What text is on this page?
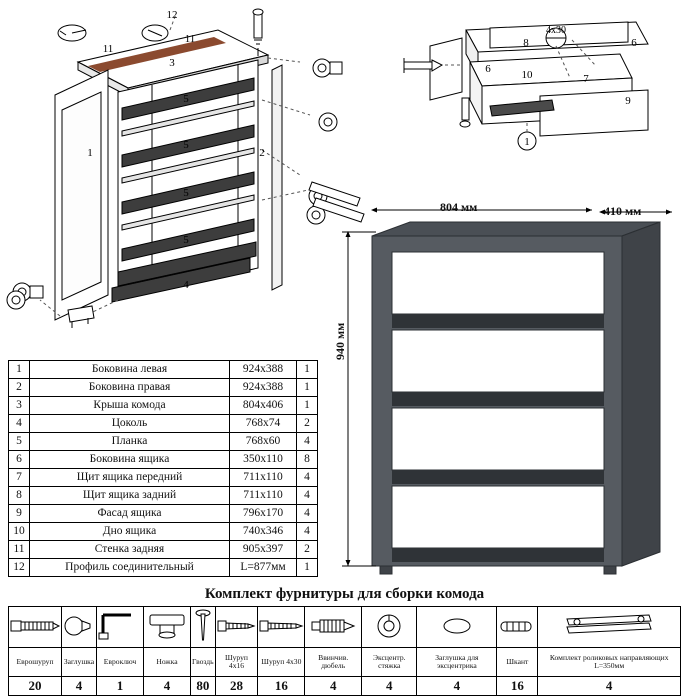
12
11
11
3
5
5
5
5
1	2
4
4х30
8	6
6	10	7
9
1
804 мм	410 мм
940 мм
1	Боковина левая	924х388	1
2	Боковина правая	924х388	1
3	Крыша комода	804х406	1
4	Цоколь	768х74	2
5	Планка	768х60	4
6	Боковина ящика	350х110	8
7	Щит ящика передний	711х110	4
8	Щит ящика задний	711х110	4
9	Фасад ящика	796х170	4
10	Дно ящика	740х346	4
11	Стенка задняя	905х397	2
12	Профиль соединительный	L=877мм	1
Комплект фурнитуры для сборки комода

Еврошуруп	Заглушка	Евроключ	Ножка	Гвоздь	Шуруп 4х16	Шуруп 4х30	Ввинчив. дюбель	Эксцентр. стяжка	Заглушка для эксцентрика	Шкант	Комплект роликовых направляющих L=350мм
20	4	1	4	80	28	16	4	4	4	16	4
